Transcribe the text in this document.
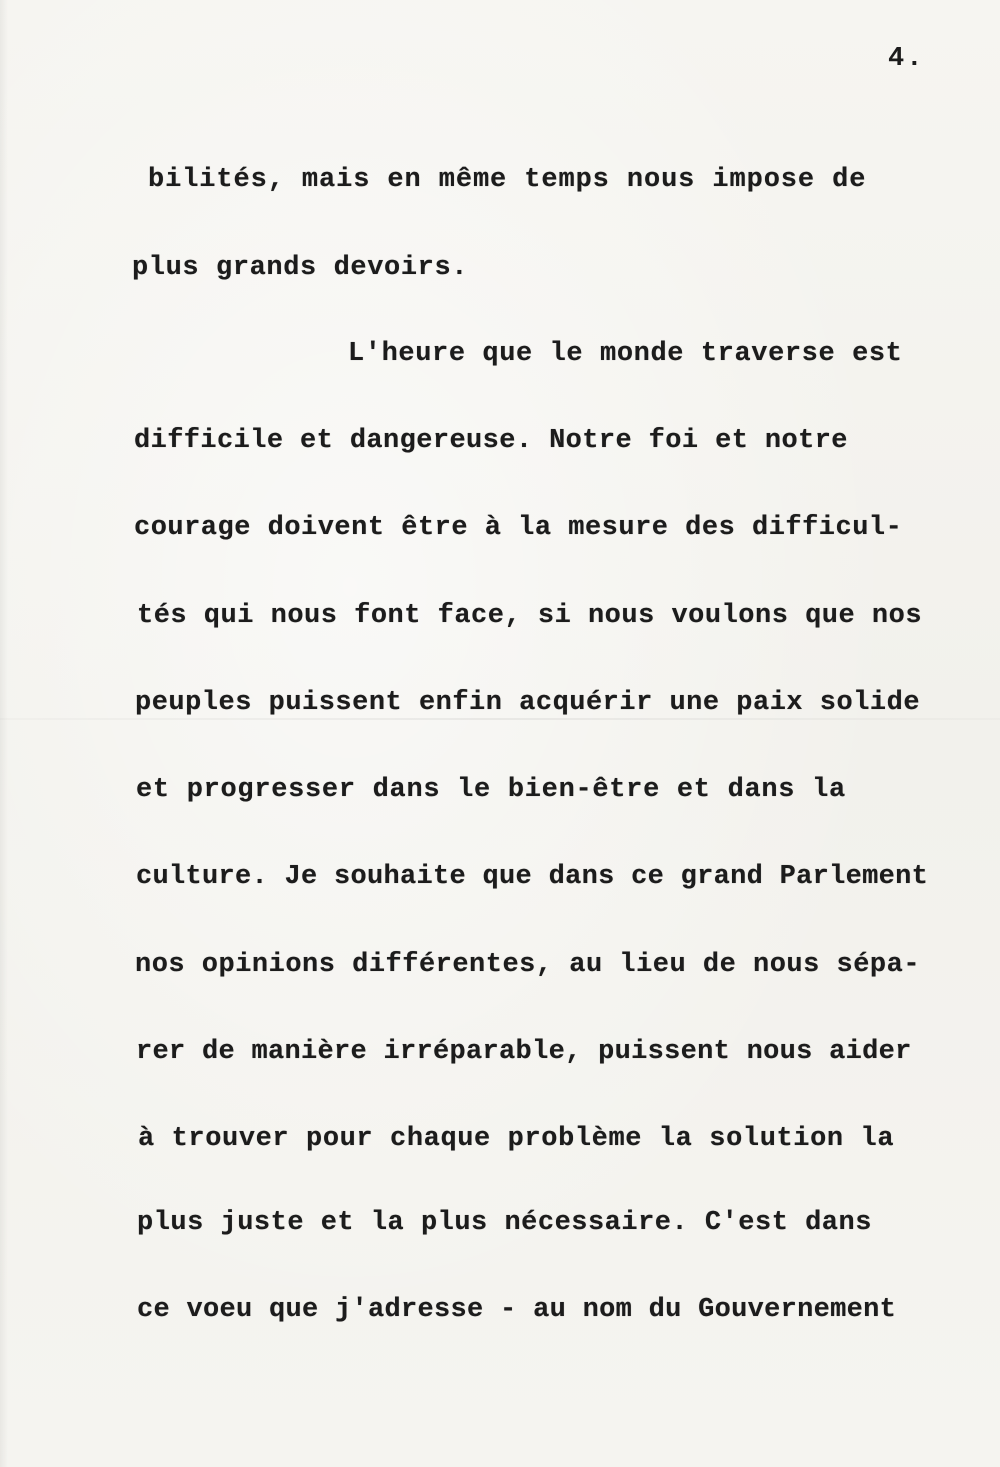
4.
bilités, mais en même temps nous impose de
plus grands devoirs.
L'heure que le monde traverse est
difficile et dangereuse. Notre foi et notre
courage doivent être à la mesure des difficul-
tés qui nous font face, si nous voulons que nos
peuples puissent enfin acquérir une paix solide
et progresser dans le bien-être et dans la
culture. Je souhaite que dans ce grand Parlement
nos opinions différentes, au lieu de nous sépa-
rer de manière irréparable, puissent nous aider
à trouver pour chaque problème la solution la
plus juste et la plus nécessaire. C'est dans
ce voeu que j'adresse - au nom du Gouvernement
